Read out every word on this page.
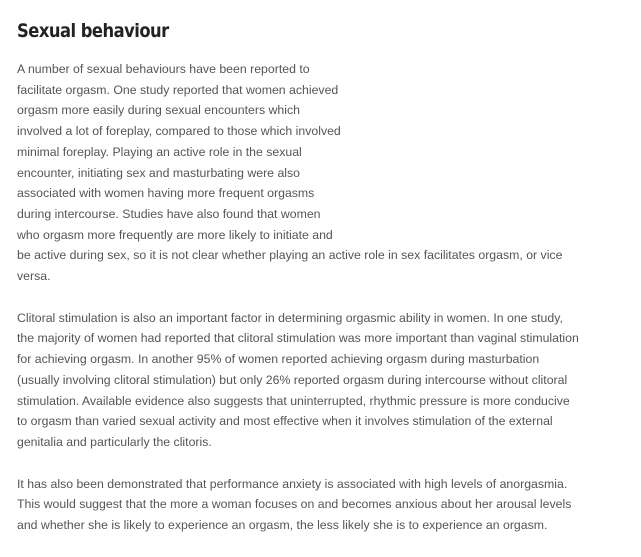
Sexual behaviour

A number of sexual behaviours have been reported to
facilitate orgasm. One study reported that women achieved
orgasm more easily during sexual encounters which
involved a lot of foreplay, compared to those which involved
minimal foreplay. Playing an active role in the sexual
encounter, initiating sex and masturbating were also
associated with women having more frequent orgasms
during intercourse. Studies have also found that women
who orgasm more frequently are more likely to initiate and
be active during sex, so it is not clear whether playing an active role in sex facilitates orgasm, or vice
versa.

Clitoral stimulation is also an important factor in determining orgasmic ability in women. In one study,
the majority of women had reported that clitoral stimulation was more important than vaginal stimulation
for achieving orgasm. In another 95% of women reported achieving orgasm during masturbation
(usually involving clitoral stimulation) but only 26% reported orgasm during intercourse without clitoral
stimulation. Available evidence also suggests that uninterrupted, rhythmic pressure is more conducive
to orgasm than varied sexual activity and most effective when it involves stimulation of the external
genitalia and particularly the clitoris.

It has also been demonstrated that performance anxiety is associated with high levels of anorgasmia.
This would suggest that the more a woman focuses on and becomes anxious about her arousal levels
and whether she is likely to experience an orgasm, the less likely she is to experience an orgasm.
